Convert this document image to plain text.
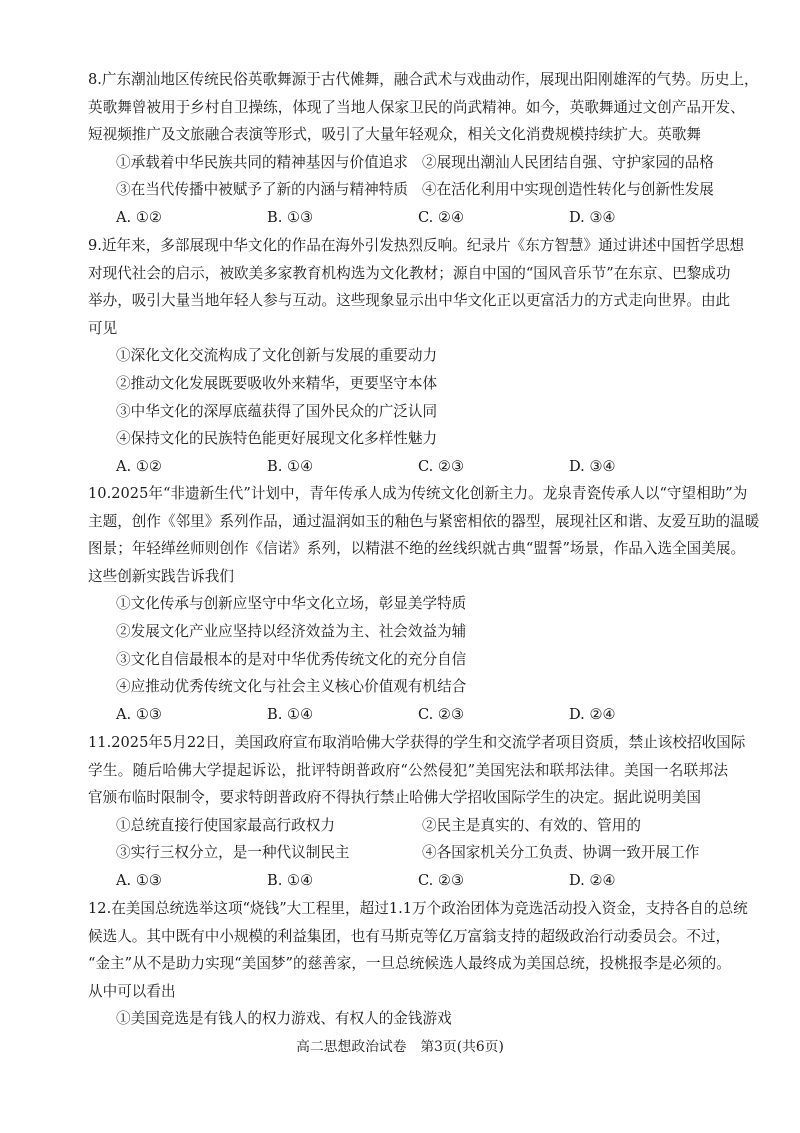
8.广东潮汕地区传统民俗英歌舞源于古代傩舞，融合武术与戏曲动作，展现出阳刚雄浑的气势。历史上，
英歌舞曾被用于乡村自卫操练，体现了当地人保家卫民的尚武精神。如今，英歌舞通过文创产品开发、
短视频推广及文旅融合表演等形式，吸引了大量年轻观众，相关文化消费规模持续扩大。英歌舞
①承载着中华民族共同的精神基因与价值追求 ②展现出潮汕人民团结自强、守护家园的品格
③在当代传播中被赋予了新的内涵与精神特质 ④在活化利用中实现创造性转化与创新性发展
A. ①②	B. ①③	C. ②④	D. ③④
9.近年来，多部展现中华文化的作品在海外引发热烈反响。纪录片《东方智慧》通过讲述中国哲学思想
对现代社会的启示，被欧美多家教育机构选为文化教材；源自中国的“国风音乐节”在东京、巴黎成功
举办，吸引大量当地年轻人参与互动。这些现象显示出中华文化正以更富活力的方式走向世界。由此
可见
①深化文化交流构成了文化创新与发展的重要动力
②推动文化发展既要吸收外来精华，更要坚守本体
③中华文化的深厚底蕴获得了国外民众的广泛认同
④保持文化的民族特色能更好展现文化多样性魅力
A. ①②	B. ①④	C. ②③	D. ③④
10.2025年“非遗新生代”计划中，青年传承人成为传统文化创新主力。龙泉青瓷传承人以“守望相助”为
主题，创作《邻里》系列作品，通过温润如玉的釉色与紧密相依的器型，展现社区和谐、友爱互助的温暖
图景；年轻缂丝师则创作《信诺》系列，以精湛不绝的丝线织就古典“盟誓”场景，作品入选全国美展。
这些创新实践告诉我们
①文化传承与创新应坚守中华文化立场，彰显美学特质
②发展文化产业应坚持以经济效益为主、社会效益为辅
③文化自信最根本的是对中华优秀传统文化的充分自信
④应推动优秀传统文化与社会主义核心价值观有机结合
A. ①③	B. ①④	C. ②③	D. ②④
11.2025年5月22日，美国政府宣布取消哈佛大学获得的学生和交流学者项目资质，禁止该校招收国际
学生。随后哈佛大学提起诉讼，批评特朗普政府“公然侵犯”美国宪法和联邦法律。美国一名联邦法
官颁布临时限制令，要求特朗普政府不得执行禁止哈佛大学招收国际学生的决定。据此说明美国
①总统直接行使国家最高行政权力	②民主是真实的、有效的、管用的
③实行三权分立，是一种代议制民主	④各国家机关分工负责、协调一致开展工作
A. ①③	B. ①④	C. ②③	D. ②④
12.在美国总统选举这项“烧钱”大工程里，超过1.1万个政治团体为竞选活动投入资金，支持各自的总统
候选人。其中既有中小规模的利益集团，也有马斯克等亿万富翁支持的超级政治行动委员会。不过，
“金主”从不是助力实现“美国梦”的慈善家，一旦总统候选人最终成为美国总统，投桃报李是必须的。
从中可以看出
①美国竞选是有钱人的权力游戏、有权人的金钱游戏
高二思想政治试卷　第3页(共6页)
